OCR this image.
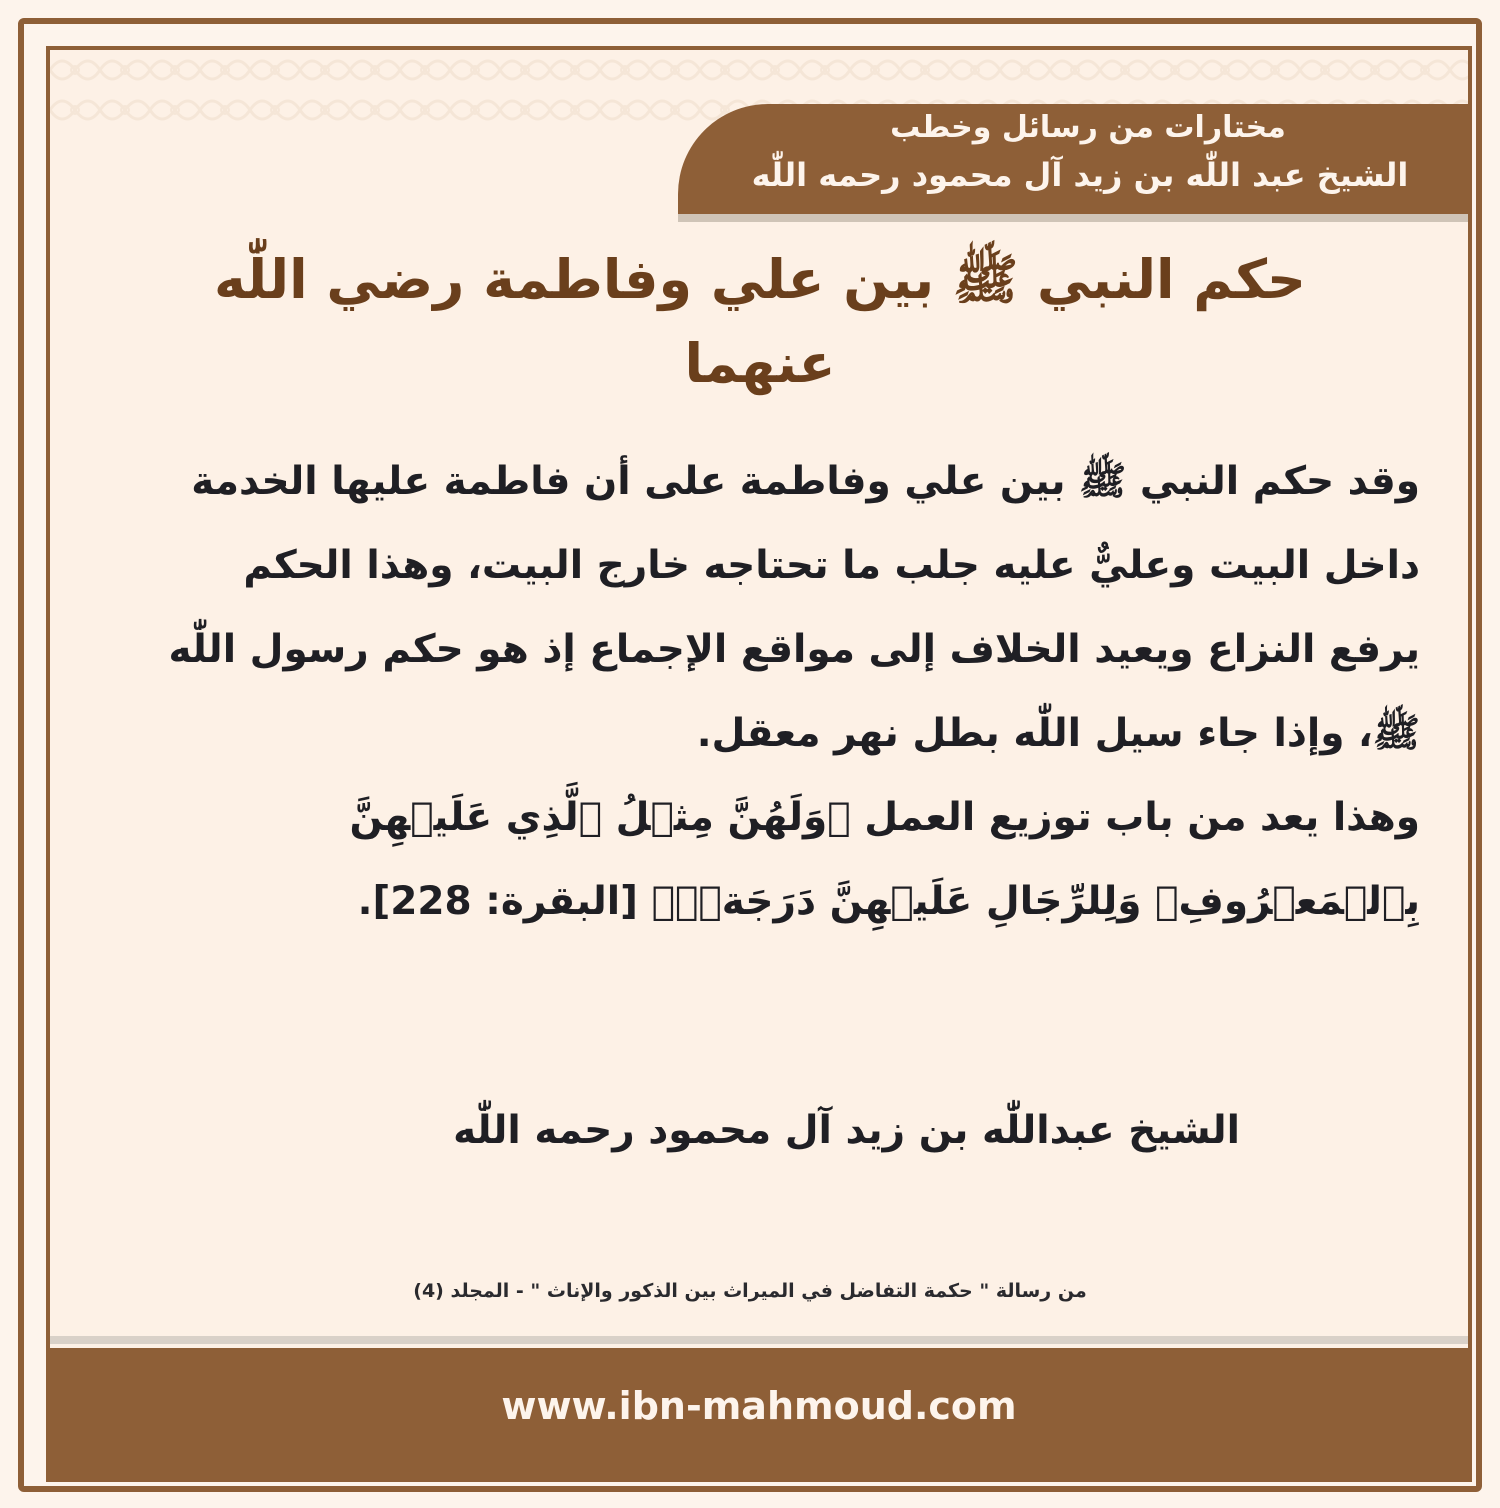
مختارات من رسائل وخطب
الشيخ عبد اللّٰه بن زيد آل محمود رحمه اللّٰه
حكم النبي ﷺ بين علي وفاطمة رضي اللّٰه عنهما

وقد حكم النبي ﷺ بين علي وفاطمة على أن فاطمة عليها الخدمة داخل البيت وعليٌّ عليه جلب ما تحتاجه خارج البيت، وهذا الحكم يرفع النزاع ويعيد الخلاف إلى مواقع الإجماع إذ هو حكم رسول اللّٰه ﷺ، وإذا جاء سيل اللّٰه بطل نهر معقل.

وهذا يعد من باب توزيع العمل ﴿وَلَهُنَّ مِثۡلُ ٱلَّذِي عَلَيۡهِنَّ بِٱلۡمَعۡرُوفِۚ وَلِلرِّجَالِ عَلَيۡهِنَّ دَرَجَةٞۗ﴾ [البقرة: 228].

الشيخ عبداللّٰه بن زيد آل محمود رحمه اللّٰه
من رسالة " حكمة التفاضل في الميراث بين الذكور والإناث " - المجلد (4)
www.ibn-mahmoud.com
